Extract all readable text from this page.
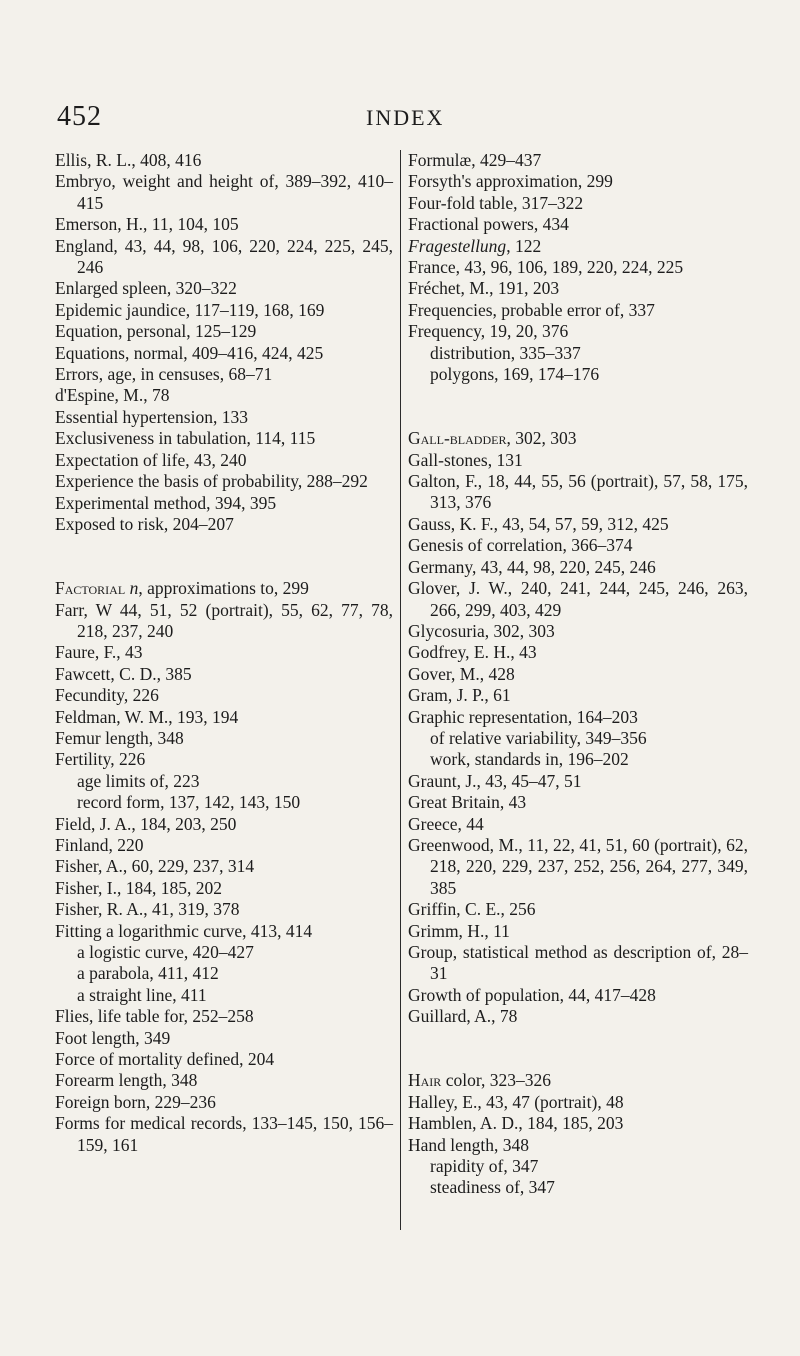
452	INDEX

Ellis, R. L., 408, 416

Embryo, weight and height of, 389–392, 410–415

Emerson, H., 11, 104, 105

England, 43, 44, 98, 106, 220, 224, 225, 245, 246

Enlarged spleen, 320–322

Epidemic jaundice, 117–119, 168, 169

Equation, personal, 125–129

Equations, normal, 409–416, 424, 425

Errors, age, in censuses, 68–71

d'Espine, M., 78

Essential hypertension, 133

Exclusiveness in tabulation, 114, 115

Expectation of life, 43, 240

Experience the basis of probability, 288–292

Experimental method, 394, 395

Exposed to risk, 204–207

Factorial n, approximations to, 299

Farr, W 44, 51, 52 (portrait), 55, 62, 77, 78, 218, 237, 240

Faure, F., 43

Fawcett, C. D., 385

Fecundity, 226

Feldman, W. M., 193, 194

Femur length, 348

Fertility, 226

age limits of, 223

record form, 137, 142, 143, 150

Field, J. A., 184, 203, 250

Finland, 220

Fisher, A., 60, 229, 237, 314

Fisher, I., 184, 185, 202

Fisher, R. A., 41, 319, 378

Fitting a logarithmic curve, 413, 414

a logistic curve, 420–427

a parabola, 411, 412

a straight line, 411

Flies, life table for, 252–258

Foot length, 349

Force of mortality defined, 204

Forearm length, 348

Foreign born, 229–236

Forms for medical records, 133–145, 150, 156–159, 161

Formulæ, 429–437

Forsyth's approximation, 299

Four-fold table, 317–322

Fractional powers, 434

Fragestellung, 122

France, 43, 96, 106, 189, 220, 224, 225

Fréchet, M., 191, 203

Frequencies, probable error of, 337

Frequency, 19, 20, 376

distribution, 335–337

polygons, 169, 174–176

Gall-bladder, 302, 303

Gall-stones, 131

Galton, F., 18, 44, 55, 56 (portrait), 57, 58, 175, 313, 376

Gauss, K. F., 43, 54, 57, 59, 312, 425

Genesis of correlation, 366–374

Germany, 43, 44, 98, 220, 245, 246

Glover, J. W., 240, 241, 244, 245, 246, 263, 266, 299, 403, 429

Glycosuria, 302, 303

Godfrey, E. H., 43

Gover, M., 428

Gram, J. P., 61

Graphic representation, 164–203

of relative variability, 349–356

work, standards in, 196–202

Graunt, J., 43, 45–47, 51

Great Britain, 43

Greece, 44

Greenwood, M., 11, 22, 41, 51, 60 (portrait), 62, 218, 220, 229, 237, 252, 256, 264, 277, 349, 385

Griffin, C. E., 256

Grimm, H., 11

Group, statistical method as description of, 28–31

Growth of population, 44, 417–428

Guillard, A., 78

Hair color, 323–326

Halley, E., 43, 47 (portrait), 48

Hamblen, A. D., 184, 185, 203

Hand length, 348

rapidity of, 347

steadiness of, 347
